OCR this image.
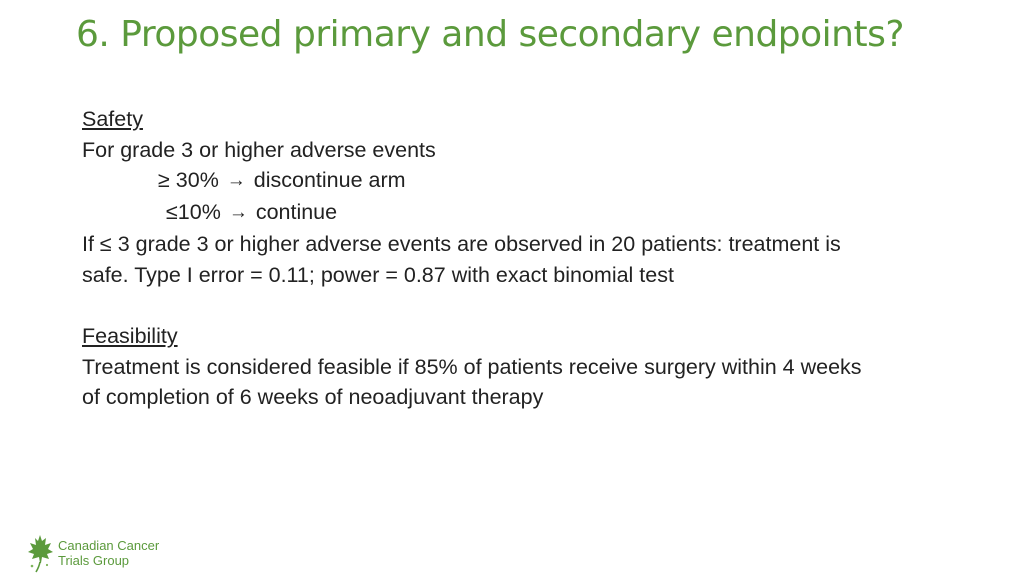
6. Proposed primary and secondary endpoints?
Safety
For grade 3 or higher adverse events
≥ 30% → discontinue arm
≤10% → continue
If ≤ 3 grade 3 or higher adverse events are observed in 20 patients: treatment is
safe. Type I error = 0.11; power = 0.87 with exact binomial test
Feasibility
Treatment is considered feasible if 85% of patients receive surgery within 4 weeks
of completion of 6 weeks of neoadjuvant therapy
Canadian Cancer
Trials Group
